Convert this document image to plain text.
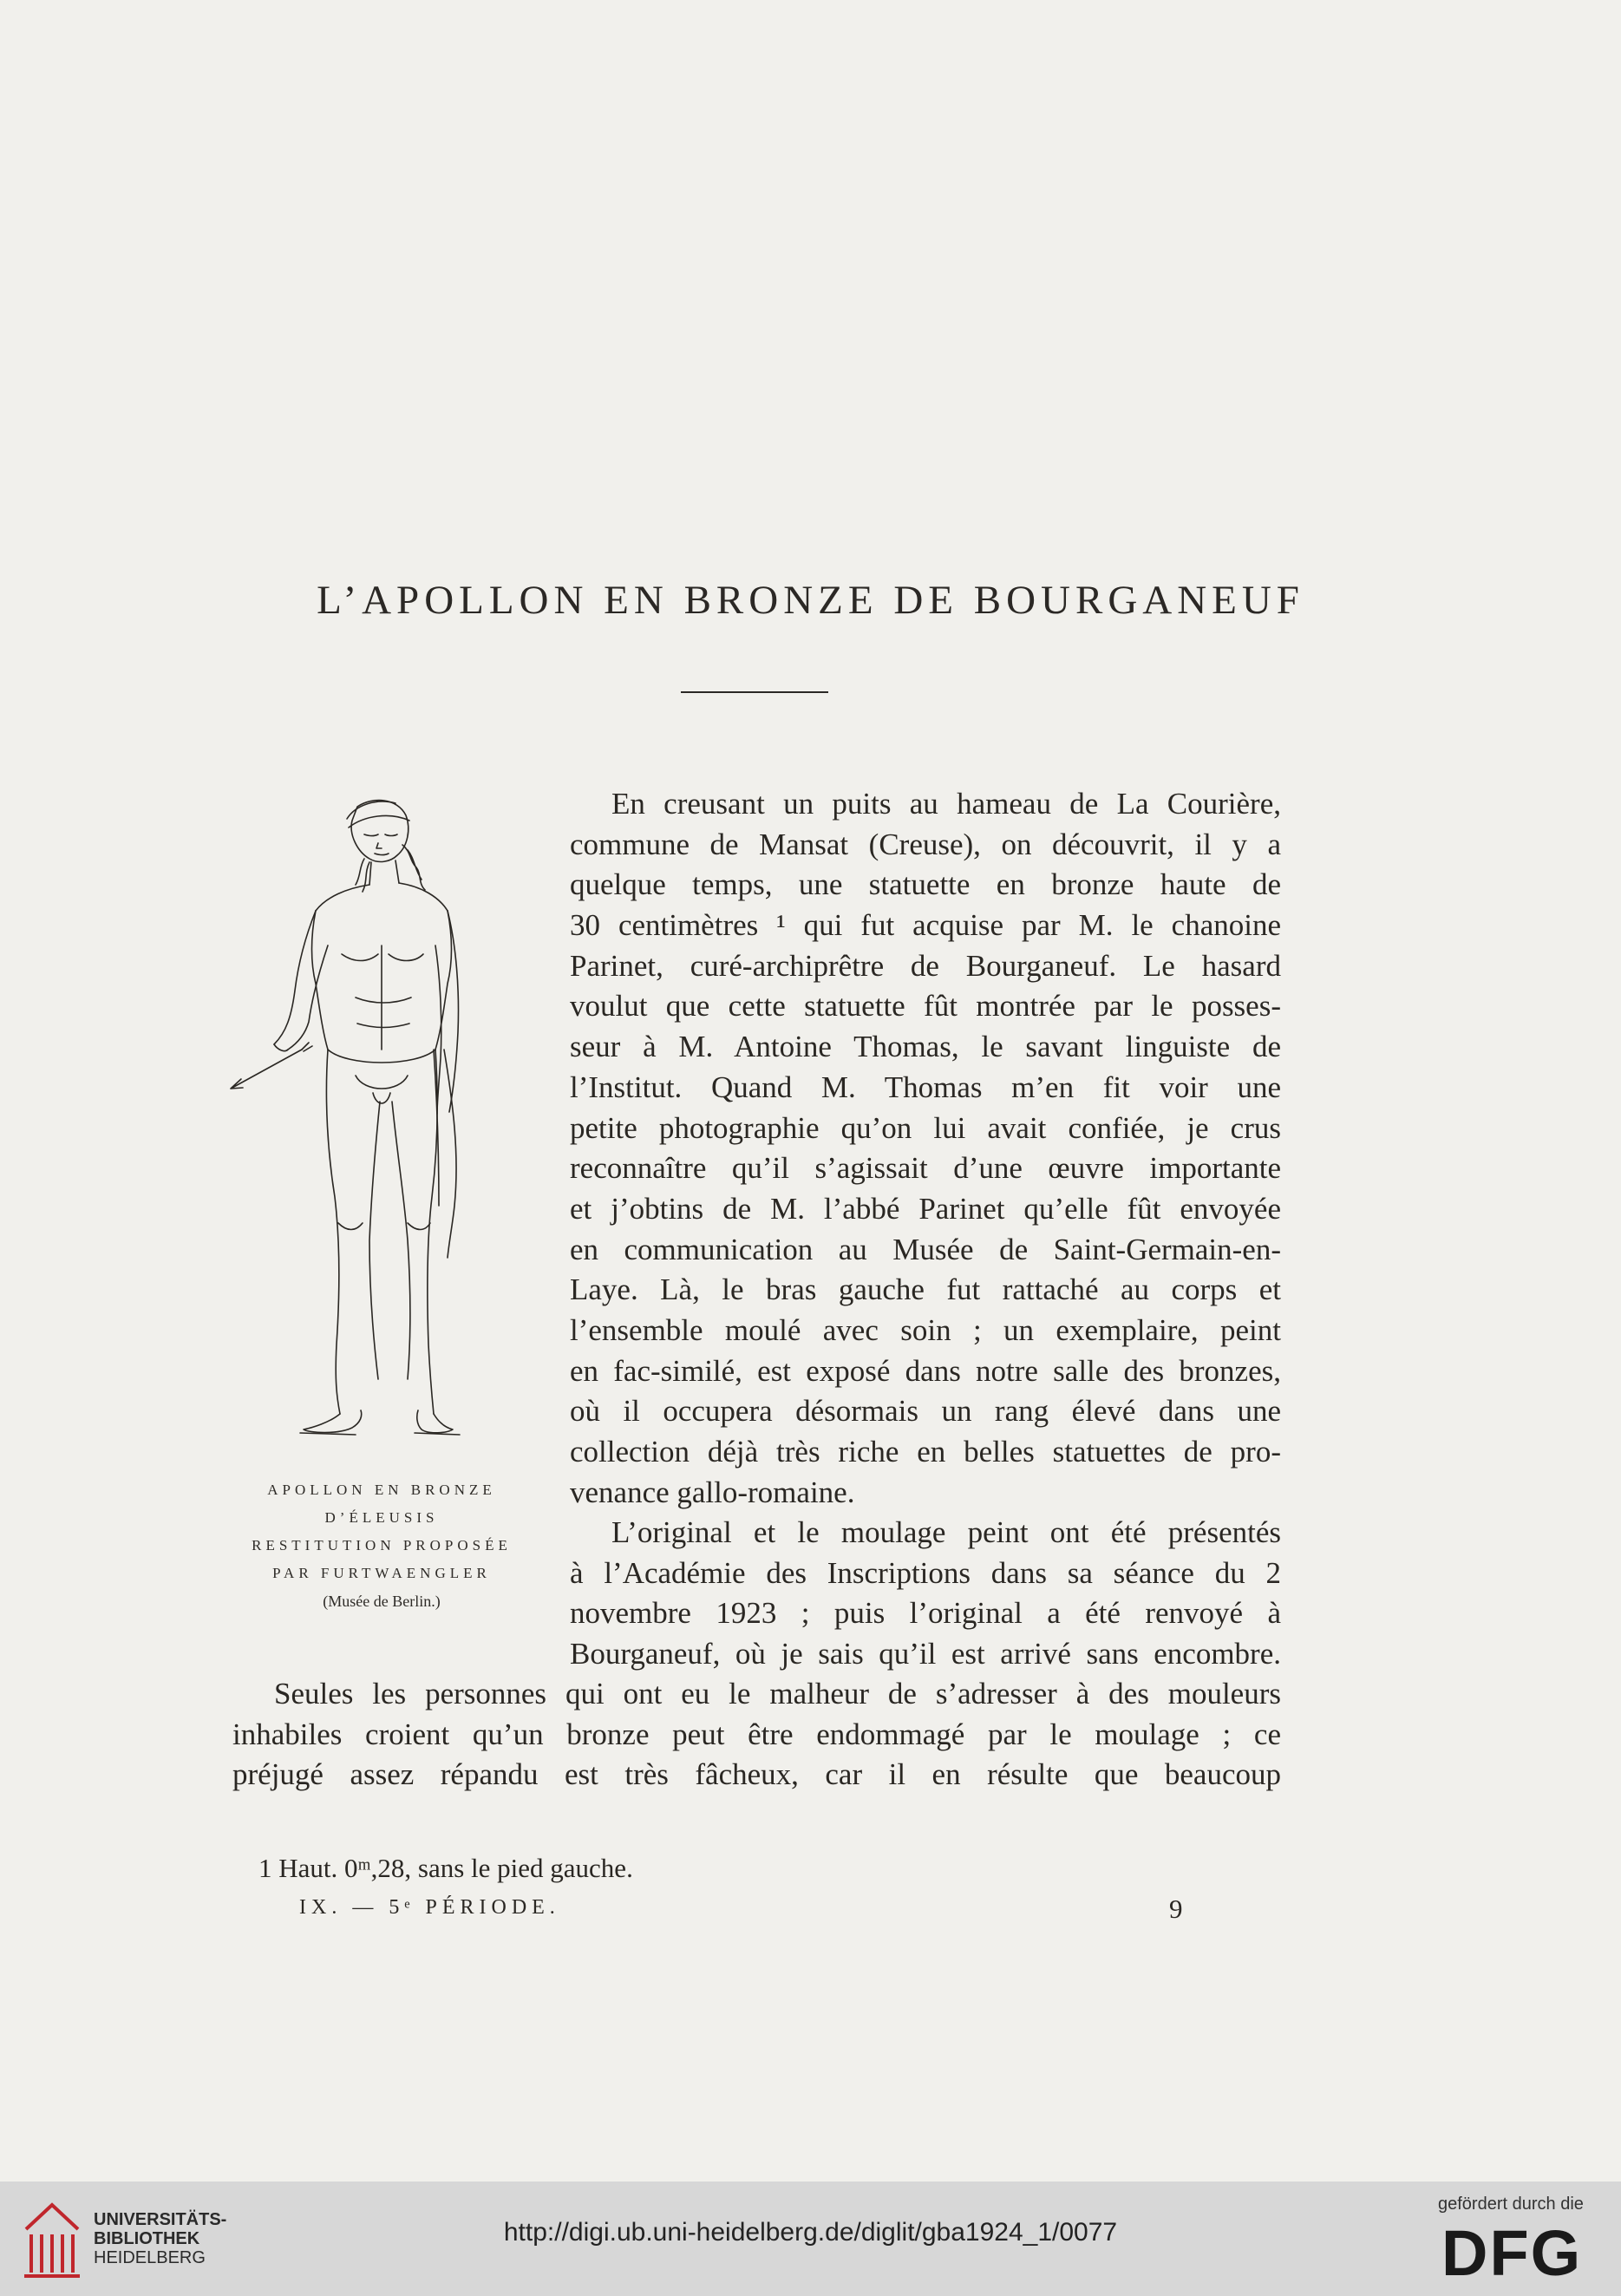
L’APOLLON EN BRONZE DE BOURGANEUF
APOLLON EN BRONZE
D’ÉLEUSIS
RESTITUTION PROPOSÉE
PAR FURTWAENGLER
(Musée de Berlin.)
En creusant un puits au hameau de La Courière,
commune de Mansat (Creuse), on découvrit, il y a
quelque temps, une statuette en bronze haute de
30 centimètres ¹ qui fut acquise par M. le chanoine
Parinet, curé-archiprêtre de Bourganeuf. Le hasard
voulut que cette statuette fût montrée par le posses-
seur à M. Antoine Thomas, le savant linguiste de
l’Institut. Quand M. Thomas m’en fit voir une
petite photographie qu’on lui avait confiée, je crus
reconnaître qu’il s’agissait d’une œuvre importante
et j’obtins de M. l’abbé Parinet qu’elle fût envoyée
en communication au Musée de Saint-Germain-en-
Laye. Là, le bras gauche fut rattaché au corps et
l’ensemble moulé avec soin ; un exemplaire, peint
en fac-similé, est exposé dans notre salle des bronzes,
où il occupera désormais un rang élevé dans une
collection déjà très riche en belles statuettes de pro-
venance gallo-romaine.
L’original et le moulage peint ont été présentés
à l’Académie des Inscriptions dans sa séance du 2
novembre 1923 ; puis l’original a été renvoyé à
Bourganeuf, où je sais qu’il est arrivé sans encombre.
Seules les personnes qui ont eu le malheur de s’adresser à des mouleurs
inhabiles croient qu’un bronze peut être endommagé par le moulage ; ce
préjugé assez répandu est très fâcheux, car il en résulte que beaucoup
1 Haut. 0ᵐ,28, sans le pied gauche.
IX. — 5ᵉ PÉRIODE.	9
UNIVERSITÄTS-
BIBLIOTHEK
HEIDELBERG
http://digi.ub.uni-heidelberg.de/diglit/gba1924_1/0077
gefördert durch die
DFG
